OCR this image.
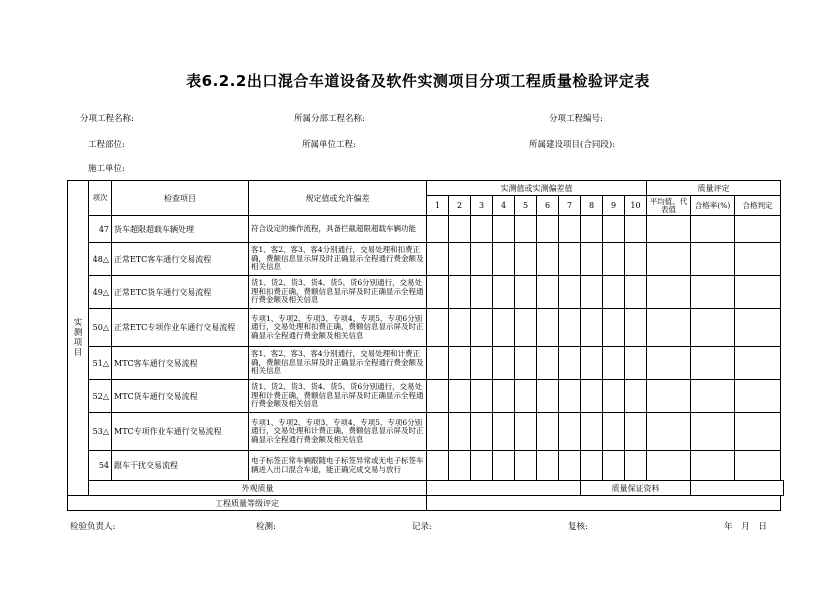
表6.2.2出口混合车道设备及软件实测项目分项工程质量检验评定表
分项工程名称:	所属分部工程名称:	分项工程编号:
工程部位:	所属单位工程:	所属建设项目(合同段):
施工单位:
实
测
项
目	项次	检查项目	规定值或允许偏差	实测值或实测偏差值										质量评定		
				1	2	3	4	5	6	7	8	9	10	平均值、代表值	合格率(%)	合格判定
	47	货车超限超载车辆处理	符合设定的操作流程，具备拦截超限超载车辆功能													
	48△	正常ETC客车通行交易流程	客1、客2、客3、客4分别通行，交易处理和扣费正确，费额信息显示屏及时正确显示全程通行费金额及相关信息													
	49△	正常ETC货车通行交易流程	货1、货2、货3、货4、货5、货6分别通行，交易处理和扣费正确，费额信息显示屏及时正确显示全程通行费金额及相关信息													
	50△	正常ETC专项作业车通行交易流程	专项1、专项2、专项3、专项4、专项5、专项6分别通行，交易处理和扣费正确，费额信息显示屏及时正确显示全程通行费金额及相关信息													
	51△	MTC客车通行交易流程	客1、客2、客3、客4分别通行，交易处理和计费正确，费额信息显示屏及时正确显示全程通行费金额及相关信息													
	52△	MTC货车通行交易流程	货1、货2、货3、货4、货5、货6分别通行，交易处理和计费正确，费额信息显示屏及时正确显示全程通行费金额及相关信息													
	53△	MTC专项作业车通行交易流程	专项1、专项2、专项3、专项4、专项5、专项6分别通行，交易处理和计费正确，费额信息显示屏及时正确显示全程通行费金额及相关信息													
	54	跟车干扰交易流程	电子标签正常车辆跟随电子标签异常或无电子标签车辆进入出口混合车道，能正确完成交易与放行													
	外观质量										质量保证资料					
工程质量等级评定																
检验负责人:	检测:	记录:	复核:	年 月 日
